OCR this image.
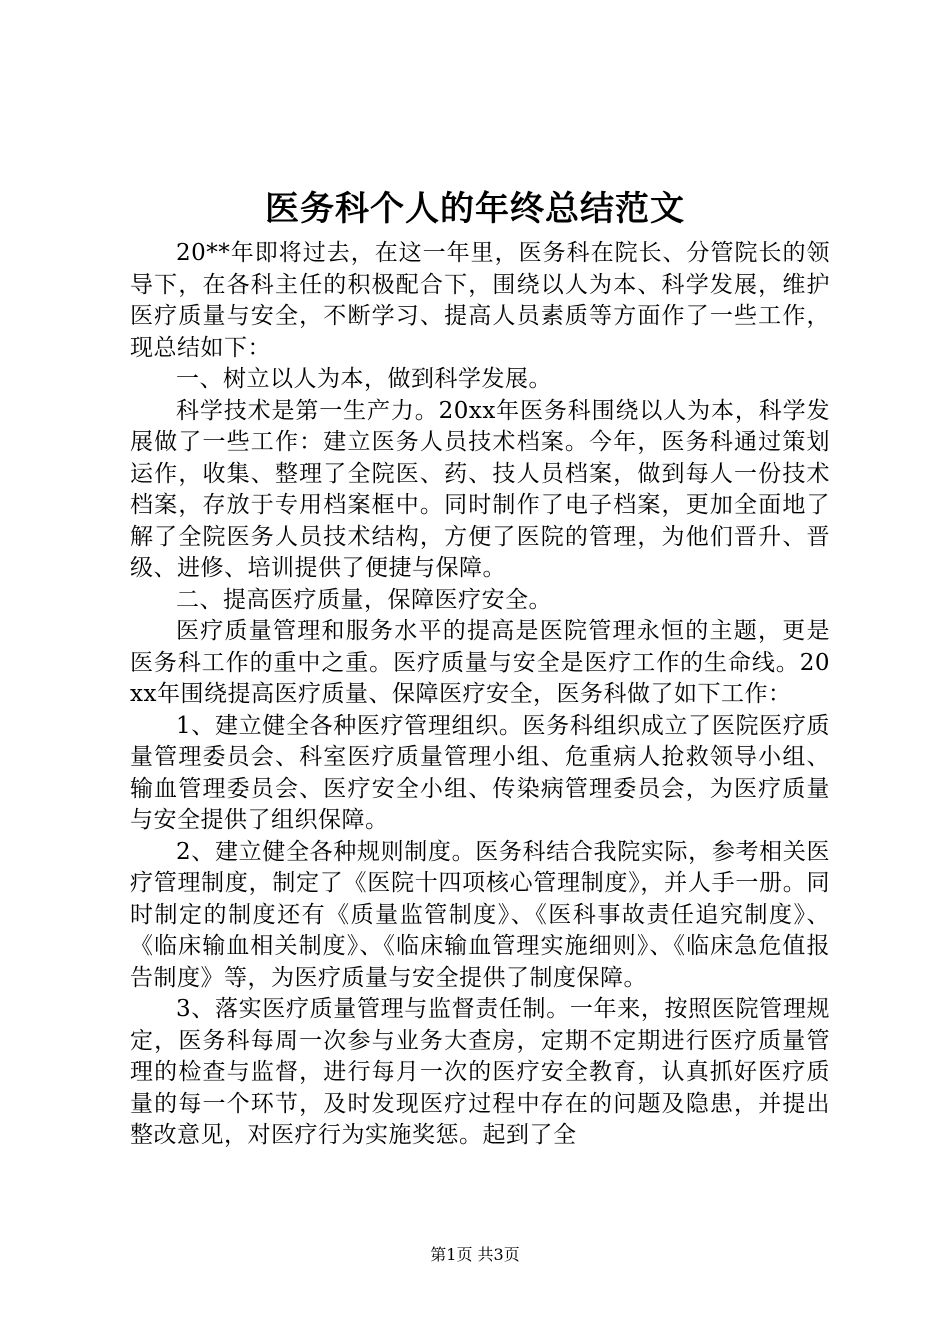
医务科个人的年终总结范文

20**年即将过去，在这一年里，医务科在院长、分管院长的领导下，在各科主任的积极配合下，围绕以人为本、科学发展，维护医疗质量与安全，不断学习、提高人员素质等方面作了一些工作，现总结如下：

一、树立以人为本，做到科学发展。

科学技术是第一生产力。20xx年医务科围绕以人为本，科学发展做了一些工作：建立医务人员技术档案。今年，医务科通过策划运作，收集、整理了全院医、药、技人员档案，做到每人一份技术档案，存放于专用档案框中。同时制作了电子档案，更加全面地了解了全院医务人员技术结构，方便了医院的管理，为他们晋升、晋级、进修、培训提供了便捷与保障。

二、提高医疗质量，保障医疗安全。

医疗质量管理和服务水平的提高是医院管理永恒的主题，更是医务科工作的重中之重。医疗质量与安全是医疗工作的生命线。20xx年围绕提高医疗质量、保障医疗安全，医务科做了如下工作：

1、建立健全各种医疗管理组织。医务科组织成立了医院医疗质量管理委员会、科室医疗质量管理小组、危重病人抢救领导小组、输血管理委员会、医疗安全小组、传染病管理委员会，为医疗质量与安全提供了组织保障。

2、建立健全各种规则制度。医务科结合我院实际，参考相关医疗管理制度，制定了《医院十四项核心管理制度》，并人手一册。同时制定的制度还有《质量监管制度》、《医科事故责任追究制度》、《临床输血相关制度》、《临床输血管理实施细则》、《临床急危值报告制度》等，为医疗质量与安全提供了制度保障。

3、落实医疗质量管理与监督责任制。一年来，按照医院管理规定，医务科每周一次参与业务大查房，定期不定期进行医疗质量管理的检查与监督，进行每月一次的医疗安全教育，认真抓好医疗质量的每一个环节，及时发现医疗过程中存在的问题及隐患，并提出整改意见，对医疗行为实施奖惩。起到了全

第1页 共3页
